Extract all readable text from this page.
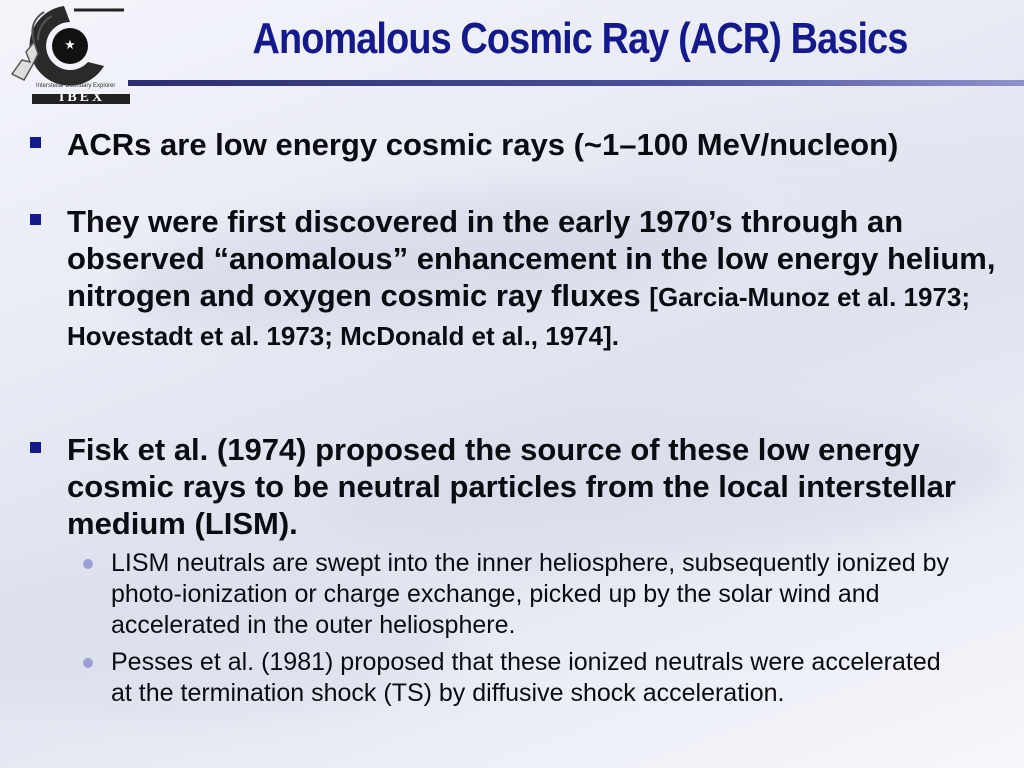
Interstellar Boundary Explorer
IBEX
Anomalous Cosmic Ray (ACR) Basics
ACRs are low energy cosmic rays (~1–100 MeV/nucleon)
They were first discovered in the early 1970’s through an observed “anomalous” enhancement in the low energy helium, nitrogen and oxygen cosmic ray fluxes [Garcia-Munoz et al. 1973; Hovestadt et al. 1973; McDonald et al., 1974].
Fisk et al. (1974) proposed the source of these low energy cosmic rays to be neutral particles from the local interstellar medium (LISM).
LISM neutrals are swept into the inner heliosphere, subsequently ionized by photo-ionization or charge exchange, picked up by the solar wind and accelerated in the outer heliosphere.
Pesses et al. (1981) proposed that these ionized neutrals were accelerated at the termination shock (TS) by diffusive shock acceleration.
